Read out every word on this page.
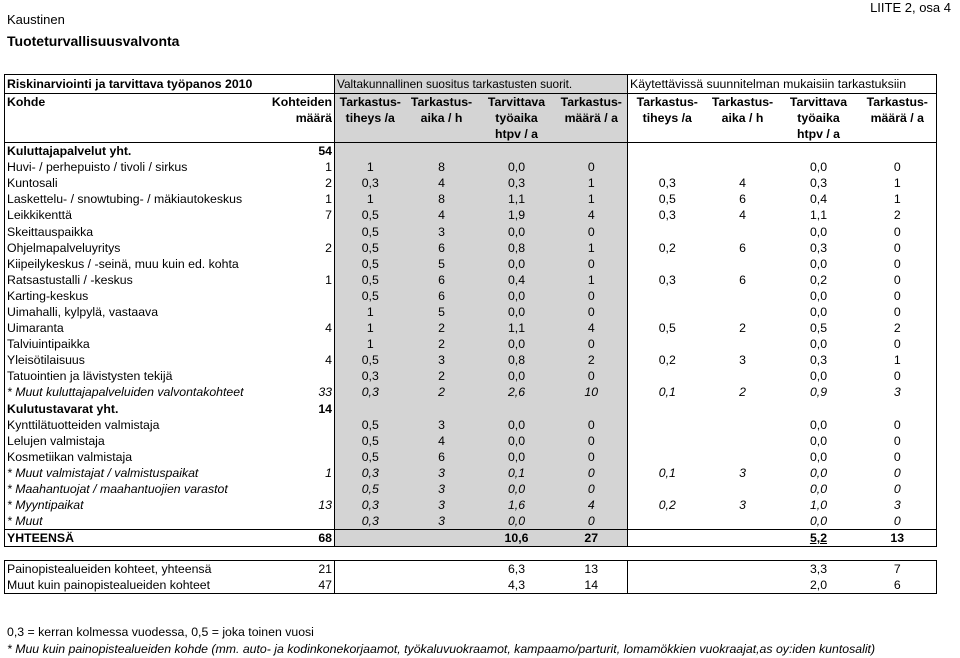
Kaustinen
Tuoteturvallisuusvalvonta
LIITE 2, osa 4
Riskinarviointi ja tarvittava työpanos 2010		Valtakunnallinen suositus tarkastusten suorit.				Käytettävissä suunnitelman mukaisiin tarkastuksiin			
Kohde	Kohteiden	Tarkastus-	Tarkastus-	Tarvittava	Tarkastus-	Tarkastus-	Tarkastus-	Tarvittava	Tarkastus-
	määrä	tiheys /a	aika / h	työaika	määrä / a	tiheys /a	aika / h	työaika	määrä / a
				htpv / a				htpv / a	
Kuluttajapalvelut yht.	54								
Huvi- / perhepuisto / tivoli / sirkus	1	1	8	0,0	0			0,0	0
Kuntosali	2	0,3	4	0,3	1	0,3	4	0,3	1
Laskettelu- / snowtubing- / mäkiautokeskus	1	1	8	1,1	1	0,5	6	0,4	1
Leikkikenttä	7	0,5	4	1,9	4	0,3	4	1,1	2
Skeittauspaikka		0,5	3	0,0	0			0,0	0
Ohjelmapalveluyritys	2	0,5	6	0,8	1	0,2	6	0,3	0
Kiipeilykeskus / -seinä, muu kuin ed. kohta		0,5	5	0,0	0			0,0	0
Ratsastustalli / -keskus	1	0,5	6	0,4	1	0,3	6	0,2	0
Karting-keskus		0,5	6	0,0	0			0,0	0
Uimahalli, kylpylä, vastaava		1	5	0,0	0			0,0	0
Uimaranta	4	1	2	1,1	4	0,5	2	0,5	2
Talviuintipaikka		1	2	0,0	0			0,0	0
Yleisötilaisuus	4	0,5	3	0,8	2	0,2	3	0,3	1
Tatuointien ja lävistysten tekijä		0,3	2	0,0	0			0,0	0
* Muut kuluttajapalveluiden valvontakohteet	33	0,3	2	2,6	10	0,1	2	0,9	3
Kulutustavarat yht.	14								
Kynttilätuotteiden valmistaja		0,5	3	0,0	0			0,0	0
Lelujen valmistaja		0,5	4	0,0	0			0,0	0
Kosmetiikan valmistaja		0,5	6	0,0	0			0,0	0
* Muut valmistajat / valmistuspaikat	1	0,3	3	0,1	0	0,1	3	0,0	0
* Maahantuojat / maahantuojien varastot		0,5	3	0,0	0			0,0	0
* Myyntipaikat	13	0,3	3	1,6	4	0,2	3	1,0	3
* Muut		0,3	3	0,0	0			0,0	0
YHTEENSÄ	68			10,6	27			5,2	13

Painopistealueiden kohteet, yhteensä	21			6,3	13			3,3	7
Muut kuin painopistealueiden kohteet	47			4,3	14			2,0	6
0,3 = kerran kolmessa vuodessa, 0,5 = joka toinen vuosi
* Muu kuin painopistealueiden kohde (mm. auto- ja kodinkonekorjaamot, työkaluvuokraamot, kampaamo/parturit, lomamökkien vuokraajat,as oy:iden kuntosalit)
